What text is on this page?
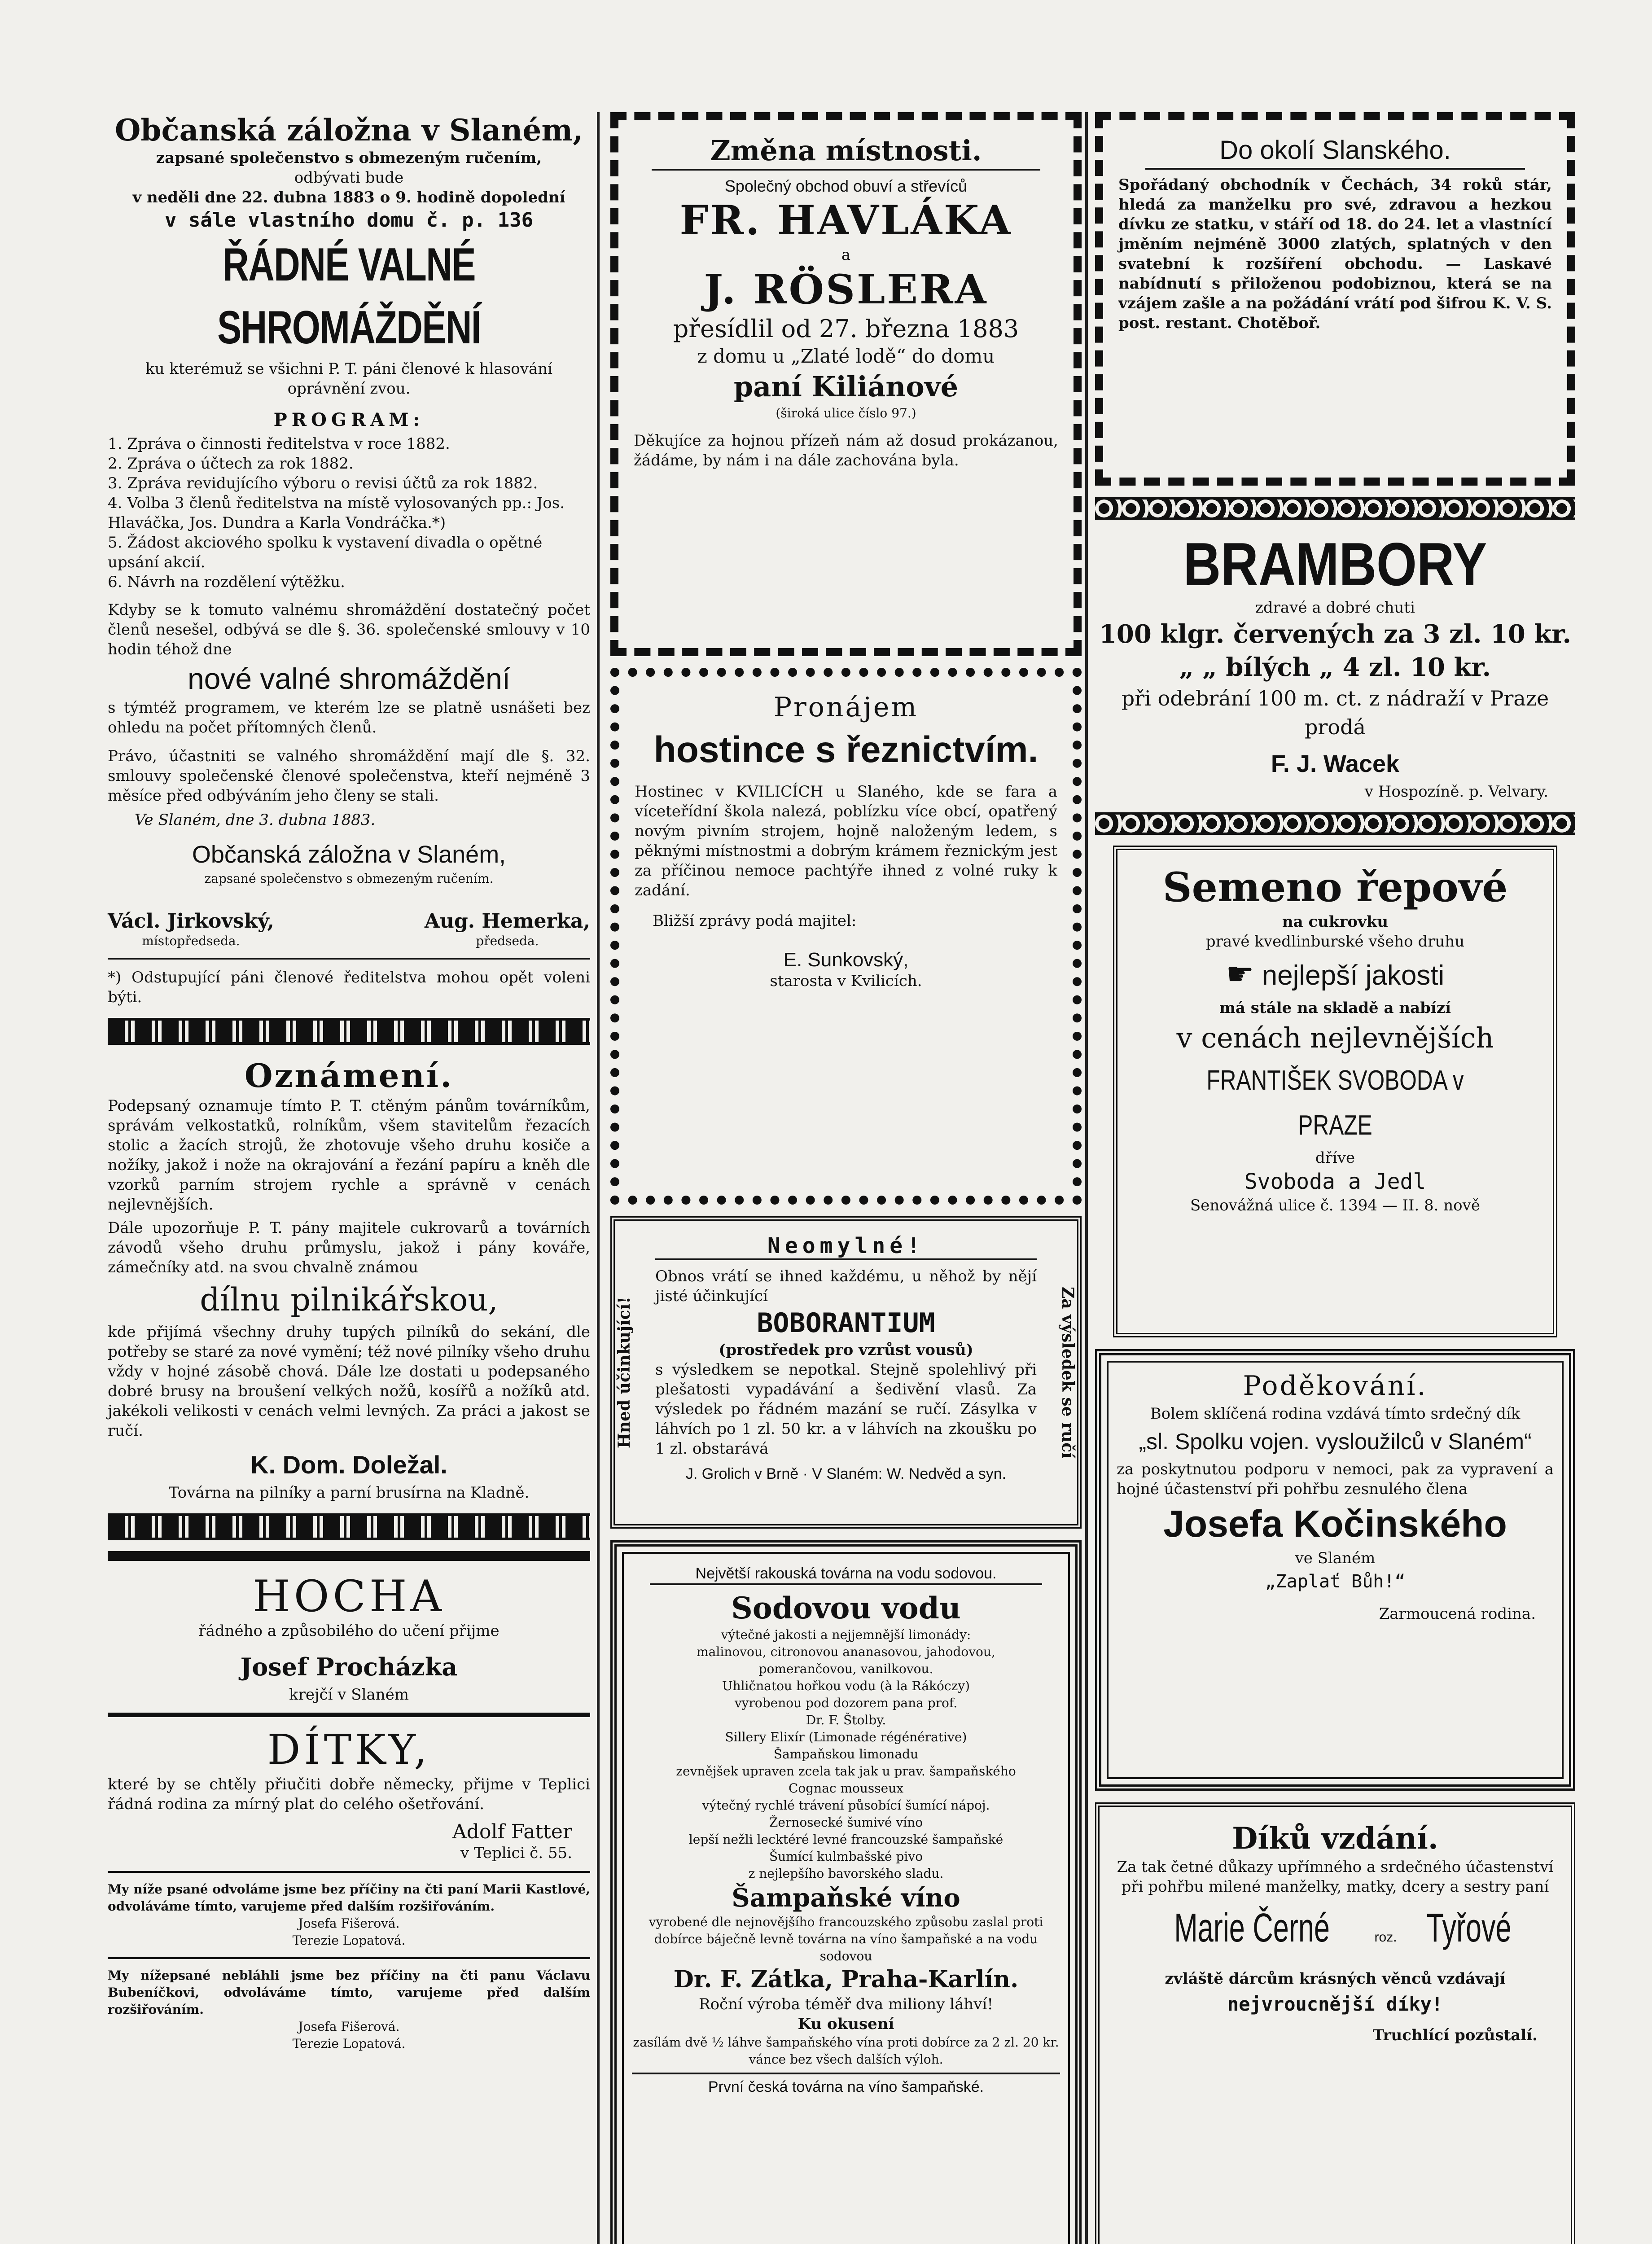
Občanská záložna v Slaném,
zapsané společenstvo s obmezeným ručením,
odbývati bude
v neděli dne 22. dubna 1883 o 9. hodině dopolední
v sále vlastního domu č. p. 136
ŘÁDNÉ VALNÉ SHROMÁŽDĚNÍ
ku kterémuž se všichni P. T. páni členové k hlasování oprávnění zvou.
PROGRAM:
1. Zpráva o činnosti ředitelstva v roce 1882.
2. Zpráva o účtech za rok 1882.
3. Zpráva revidujícího výboru o revisi účtů za rok 1882.
4. Volba 3 členů ředitelstva na místě vylosovaných pp.: Jos. Hlaváčka, Jos. Dundra a Karla Vondráčka.*)
5. Žádost akciového spolku k vystavení divadla o opětné upsání akcií.
6. Návrh na rozdělení výtěžku.

Kdyby se k tomuto valnému shromáždění dostatečný počet členů nesešel, odbývá se dle §. 36. společenské smlouvy v 10 hodin téhož dne

nové valné shromáždění

s týmtéž programem, ve kterém lze se platně usnášeti bez ohledu na počet přítomných členů.

Právo, účastniti se valného shromáždění mají dle §. 32. smlouvy společenské členové společenstva, kteří nejméně 3 měsíce před odbýváním jeho členy se stali.

Ve Slaném, dne 3. dubna 1883.
Občanská záložna v Slaném,
zapsané společenstvo s obmezeným ručením.
Václ. Jirkovský,
místopředseda.
Aug. Hemerka,
předseda.

*) Odstupující páni členové ředitelstva mohou opět voleni býti.

Oznámení.

Podepsaný oznamuje tímto P. T. ctěným pánům továrníkům, správám velkostatků, rolníkům, všem stavitelům řezacích stolic a žacích strojů, že zhotovuje všeho druhu kosiče a nožíky, jakož i nože na okrajování a řezání papíru a kněh dle vzorků parním strojem rychle a správně v cenách nejlevnějších.

Dále upozorňuje P. T. pány majitele cukrovarů a továrních závodů všeho druhu průmyslu, jakož i pány kováře, zámečníky atd. na svou chvalně známou

dílnu pilnikářskou,

kde přijímá všechny druhy tupých pilníků do sekání, dle potřeby se staré za nové vymění; též nové pilníky všeho druhu vždy v hojné zásobě chová. Dále lze dostati u podepsaného dobré brusy na broušení velkých nožů, kosířů a nožíků atd. jakékoli velikosti v cenách velmi levných. Za práci a jakost se ručí.

K. Dom. Doležal.
Továrna na pilníky a parní brusírna na Kladně.
HOCHA
řádného a způsobilého do učení přijme
Josef Procházka
krejčí v Slaném
DÍTKY,

které by se chtěly přiučiti dobře německy, přijme v Teplici řádná rodina za mírný plat do celého ošetřování.

Adolf Fatter
v Teplici č. 55.

My níže psané odvoláme jsme bez příčiny na čti paní Marii Kastlové, odvoláváme tímto, varujeme před dalším rozšiřováním.

Josefa Fišerová.
Terezie Lopatová.

My nížepsané nebláhli jsme bez příčiny na čti panu Václavu Bubeníčkovi, odvoláváme tímto, varujeme před dalším rozšiřováním.

Josefa Fišerová.
Terezie Lopatová.
Změna místnosti.
Společný obchod obuví a střevíců
FR. HAVLÁKA
a
J. RÖSLERA
přesídlil od 27. března 1883
z domu u „Zlaté lodě“ do domu
paní Kiliánové
(široká ulice číslo 97.)

Děkujíce za hojnou přízeň nám až dosud prokázanou, žádáme, by nám i na dále zachována byla.

Pronájem
hostince s řeznictvím.

Hostinec v KVILICÍCH u Slaného, kde se fara a víceteřídní škola nalezá, poblízku více obcí, opatřený novým pivním strojem, hojně naloženým ledem, s pěknými místnostmi a dobrým krámem řeznickým jest za příčinou nemoce pachtýře ihned z volné ruky k zadání.

Bližší zprávy podá majitel:

E. Sunkovský,
starosta v Kvilicích.
Hned účinkující!	Za výsledek se ručí
Neomylné!

Obnos vrátí se ihned každému, u něhož by nějí jisté účinkující

BOBORANTIUM
(prostředek pro vzrůst vousů)

s výsledkem se nepotkal. Stejně spolehlivý při plešatosti vypadávání a šedivění vlasů. Za výsledek po řádném mazání se ručí. Zásylka v láhvích po 1 zl. 50 kr. a v láhvích na zkoušku po 1 zl. obstarává

J. Grolich v Brně · V Slaném: W. Nedvěd a syn.
Největší rakouská továrna na vodu sodovou.
Sodovou vodu
výtečné jakosti a nejjemnější limonády:
malinovou, citronovou ananasovou, jahodovou,
pomerančovou, vanilkovou.
Uhličnatou hořkou vodu (à la Rákóczy)
vyrobenou pod dozorem pana prof.
Dr. F. Štolby.
Sillery Elixír (Limonade régénérative)
Šampaňskou limonadu
zevnějšek upraven zcela tak jak u prav. šampaňského
Cognac mousseux
výtečný rychlé trávení působící šumící nápoj.
Žernosecké šumivé víno
lepší nežli lecktéré levné francouzské šampaňské
Šumící kulmbašské pivo
z nejlepšího bavorského sladu.
Šampaňské víno

vyrobené dle nejnovějšího francouzského způsobu zaslal proti dobírce báječně levně továrna na víno šampaňské a na vodu sodovou

Dr. F. Zátka, Praha-Karlín.
Roční výroba téměř dva miliony láhví!
Ku okusení

zasílám dvě ½ láhve šampaňského vína proti dobírce za 2 zl. 20 kr. vánce bez všech dalších výloh.

První česká továrna na víno šampaňské.
Do okolí Slanského.

Spořádaný obchodník v Čechách, 34 roků stár, hledá za manželku pro své, zdravou a hezkou dívku ze statku, v stáří od 18. do 24. let a vlastnící jměním nejméně 3000 zlatých, splatných v den svatební k rozšíření obchodu. — Laskavé nabídnutí s přiloženou podobiznou, která se na vzájem zašle a na požádání vrátí pod šifrou K. V. S. post. restant. Chotěboř.

BRAMBORY
zdravé a dobré chuti
100 klgr. červených za 3 zl. 10 kr.
„ „ bílých „ 4 zl. 10 kr.
při odebrání 100 m. ct. z nádraží v Praze
prodá
F. J. Wacek
v Hospozíně. p. Velvary.
Semeno řepové
na cukrovku
pravé kvedlinburské všeho druhu
☛ nejlepší jakosti
má stále na skladě a nabízí
v cenách nejlevnějších
FRANTIŠEK SVOBODA v PRAZE
dříve
Svoboda a Jedl
Senovážná ulice č. 1394 — II. 8. nově
Poděkování.
Bolem sklíčená rodina vzdává tímto srdečný dík
„sl. Spolku vojen. vysloužilců v Slaném“

za poskytnutou podporu v nemoci, pak za vypravení a hojné účastenství při pohřbu zesnulého člena

Josefa Kočinského
ve Slaném
„Zaplať Bůh!“
Zarmoucená rodina.
Díků vzdání.

Za tak četné důkazy upřímného a srdečného účastenství při pohřbu milené manželky, matky, dcery a sestry paní

Marie Černé	roz. Tyřové
zvláště dárcům krásných věnců vzdávají
nejvroucnější díky!
Truchlící pozůstalí.
